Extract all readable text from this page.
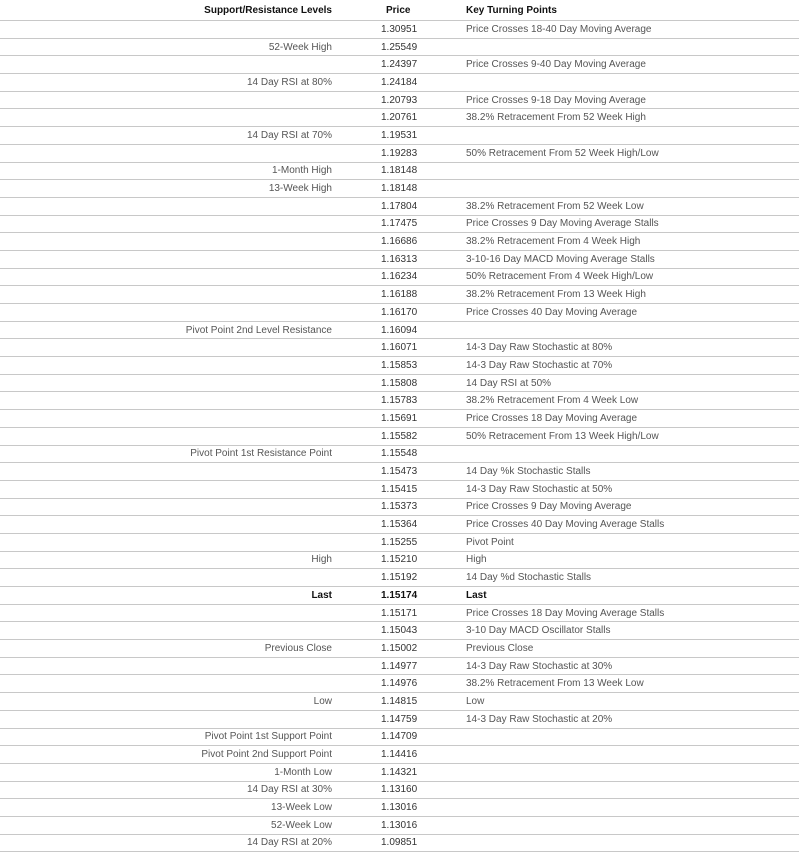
Support/Resistance Levels	Price	Key Turning Points
	1.30951	Price Crosses 18-40 Day Moving Average
52-Week High	1.25549	
	1.24397	Price Crosses 9-40 Day Moving Average
14 Day RSI at 80%	1.24184	
	1.20793	Price Crosses 9-18 Day Moving Average
	1.20761	38.2% Retracement From 52 Week High
14 Day RSI at 70%	1.19531	
	1.19283	50% Retracement From 52 Week High/Low
1-Month High	1.18148	
13-Week High	1.18148	
	1.17804	38.2% Retracement From 52 Week Low
	1.17475	Price Crosses 9 Day Moving Average Stalls
	1.16686	38.2% Retracement From 4 Week High
	1.16313	3-10-16 Day MACD Moving Average Stalls
	1.16234	50% Retracement From 4 Week High/Low
	1.16188	38.2% Retracement From 13 Week High
	1.16170	Price Crosses 40 Day Moving Average
Pivot Point 2nd Level Resistance	1.16094	
	1.16071	14-3 Day Raw Stochastic at 80%
	1.15853	14-3 Day Raw Stochastic at 70%
	1.15808	14 Day RSI at 50%
	1.15783	38.2% Retracement From 4 Week Low
	1.15691	Price Crosses 18 Day Moving Average
	1.15582	50% Retracement From 13 Week High/Low
Pivot Point 1st Resistance Point	1.15548	
	1.15473	14 Day %k Stochastic Stalls
	1.15415	14-3 Day Raw Stochastic at 50%
	1.15373	Price Crosses 9 Day Moving Average
	1.15364	Price Crosses 40 Day Moving Average Stalls
	1.15255	Pivot Point
High	1.15210	High
	1.15192	14 Day %d Stochastic Stalls
Last	1.15174	Last
	1.15171	Price Crosses 18 Day Moving Average Stalls
	1.15043	3-10 Day MACD Oscillator Stalls
Previous Close	1.15002	Previous Close
	1.14977	14-3 Day Raw Stochastic at 30%
	1.14976	38.2% Retracement From 13 Week Low
Low	1.14815	Low
	1.14759	14-3 Day Raw Stochastic at 20%
Pivot Point 1st Support Point	1.14709	
Pivot Point 2nd Support Point	1.14416	
1-Month Low	1.14321	
14 Day RSI at 30%	1.13160	
13-Week Low	1.13016	
52-Week Low	1.13016	
14 Day RSI at 20%	1.09851	
